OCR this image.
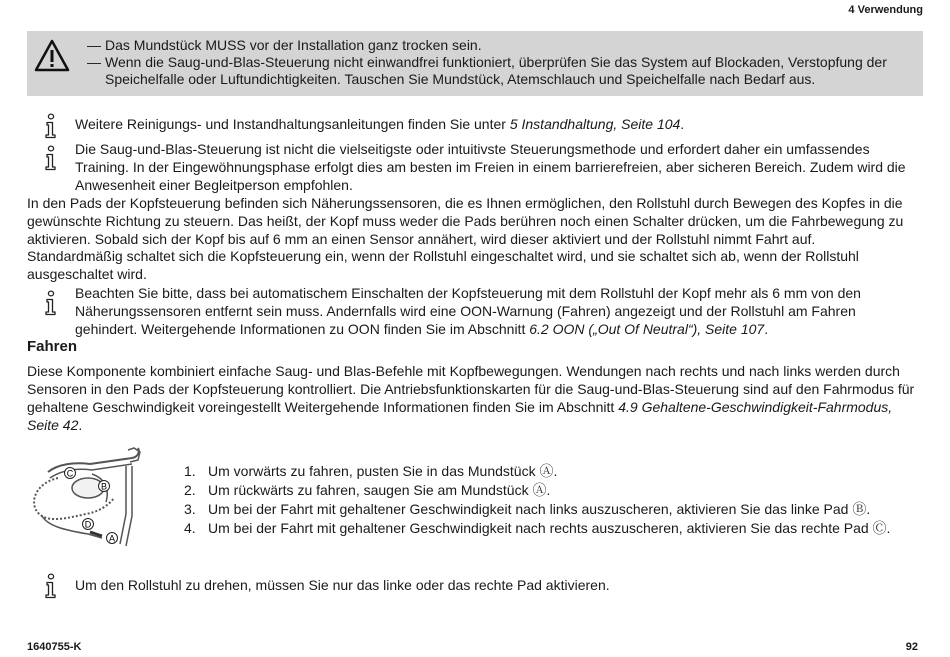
4 Verwendung
— Das Mundstück MUSS vor der Installation ganz trocken sein.
— Wenn die Saug-und-Blas-Steuerung nicht einwandfrei funktioniert, überprüfen Sie das System auf Blockaden, Verstopfung der Speichelfalle oder Luftundichtigkeiten. Tauschen Sie Mundstück, Atemschlauch und Speichelfalle nach Bedarf aus.
Weitere Reinigungs- und Instandhaltungsanleitungen finden Sie unter 5 Instandhaltung, Seite 104.
Die Saug-und-Blas-Steuerung ist nicht die vielseitigste oder intuitivste Steuerungsmethode und erfordert daher ein umfassendes Training. In der Eingewöhnungsphase erfolgt dies am besten im Freien in einem barrierefreien, aber sicheren Bereich. Zudem wird die Anwesenheit einer Begleitperson empfohlen.
In den Pads der Kopfsteuerung befinden sich Näherungssensoren, die es Ihnen ermöglichen, den Rollstuhl durch Bewegen des Kopfes in die gewünschte Richtung zu steuern. Das heißt, der Kopf muss weder die Pads berühren noch einen Schalter drücken, um die Fahrbewegung zu aktivieren. Sobald sich der Kopf bis auf 6 mm an einen Sensor annähert, wird dieser aktiviert und der Rollstuhl nimmt Fahrt auf.
Standardmäßig schaltet sich die Kopfsteuerung ein, wenn der Rollstuhl eingeschaltet wird, und sie schaltet sich ab, wenn der Rollstuhl ausgeschaltet wird.
Beachten Sie bitte, dass bei automatischem Einschalten der Kopfsteuerung mit dem Rollstuhl der Kopf mehr als 6 mm von den Näherungssensoren entfernt sein muss. Andernfalls wird eine OON-Warnung (Fahren) angezeigt und der Rollstuhl am Fahren gehindert. Weitergehende Informationen zu OON finden Sie im Abschnitt 6.2 OON („Out Of Neutral“), Seite 107.
Fahren
Diese Komponente kombiniert einfache Saug- und Blas-Befehle mit Kopfbewegungen. Wendungen nach rechts und nach links werden durch Sensoren in den Pads der Kopfsteuerung kontrolliert. Die Antriebsfunktionskarten für die Saug-und-Blas-Steuerung sind auf den Fahrmodus für gehaltene Geschwindigkeit voreingestellt Weitergehende Informationen finden Sie im Abschnitt 4.9 Gehaltene-Geschwindigkeit-Fahrmodus, Seite 42.
C
B
D
A
1. Um vorwärts zu fahren, pusten Sie in das Mundstück Ⓐ.
2. Um rückwärts zu fahren, saugen Sie am Mundstück Ⓐ.
3. Um bei der Fahrt mit gehaltener Geschwindigkeit nach links auszuscheren, aktivieren Sie das linke Pad Ⓑ.
4. Um bei der Fahrt mit gehaltener Geschwindigkeit nach rechts auszuscheren, aktivieren Sie das rechte Pad Ⓒ.
Um den Rollstuhl zu drehen, müssen Sie nur das linke oder das rechte Pad aktivieren.
1640755-K	92
